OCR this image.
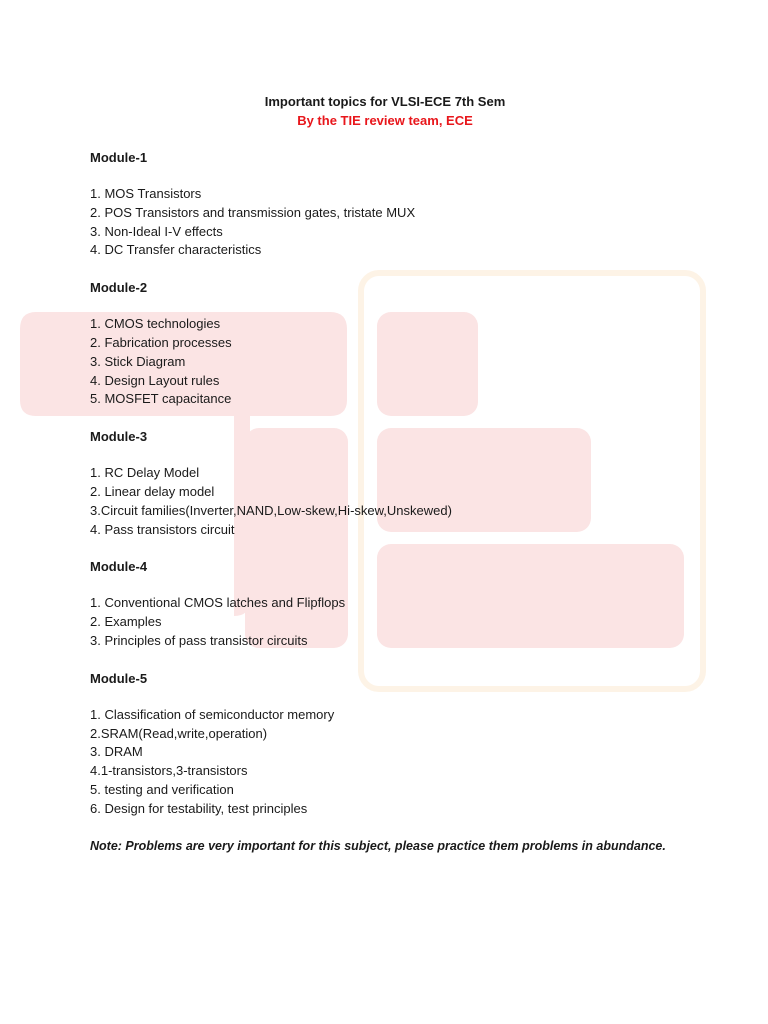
Important topics for VLSI-ECE 7th Sem
By the TIE review team, ECE
Module-1
1. MOS Transistors
2. POS Transistors and transmission gates, tristate MUX
3. Non-Ideal I-V effects
4. DC Transfer characteristics
Module-2
1. CMOS technologies
2. Fabrication processes
3. Stick Diagram
4. Design Layout rules
5. MOSFET capacitance
Module-3
1. RC Delay Model
2. Linear delay model
3.Circuit families(Inverter,NAND,Low-skew,Hi-skew,Unskewed)
4. Pass transistors circuit
Module-4
1. Conventional CMOS latches and Flipflops
2. Examples
3. Principles of pass transistor circuits
Module-5
1. Classification of semiconductor memory
2.SRAM(Read,write,operation)
3. DRAM
4.1-transistors,3-transistors
5. testing and verification
6. Design for testability, test principles
Note: Problems are very important for this subject, please practice them problems in abundance.
